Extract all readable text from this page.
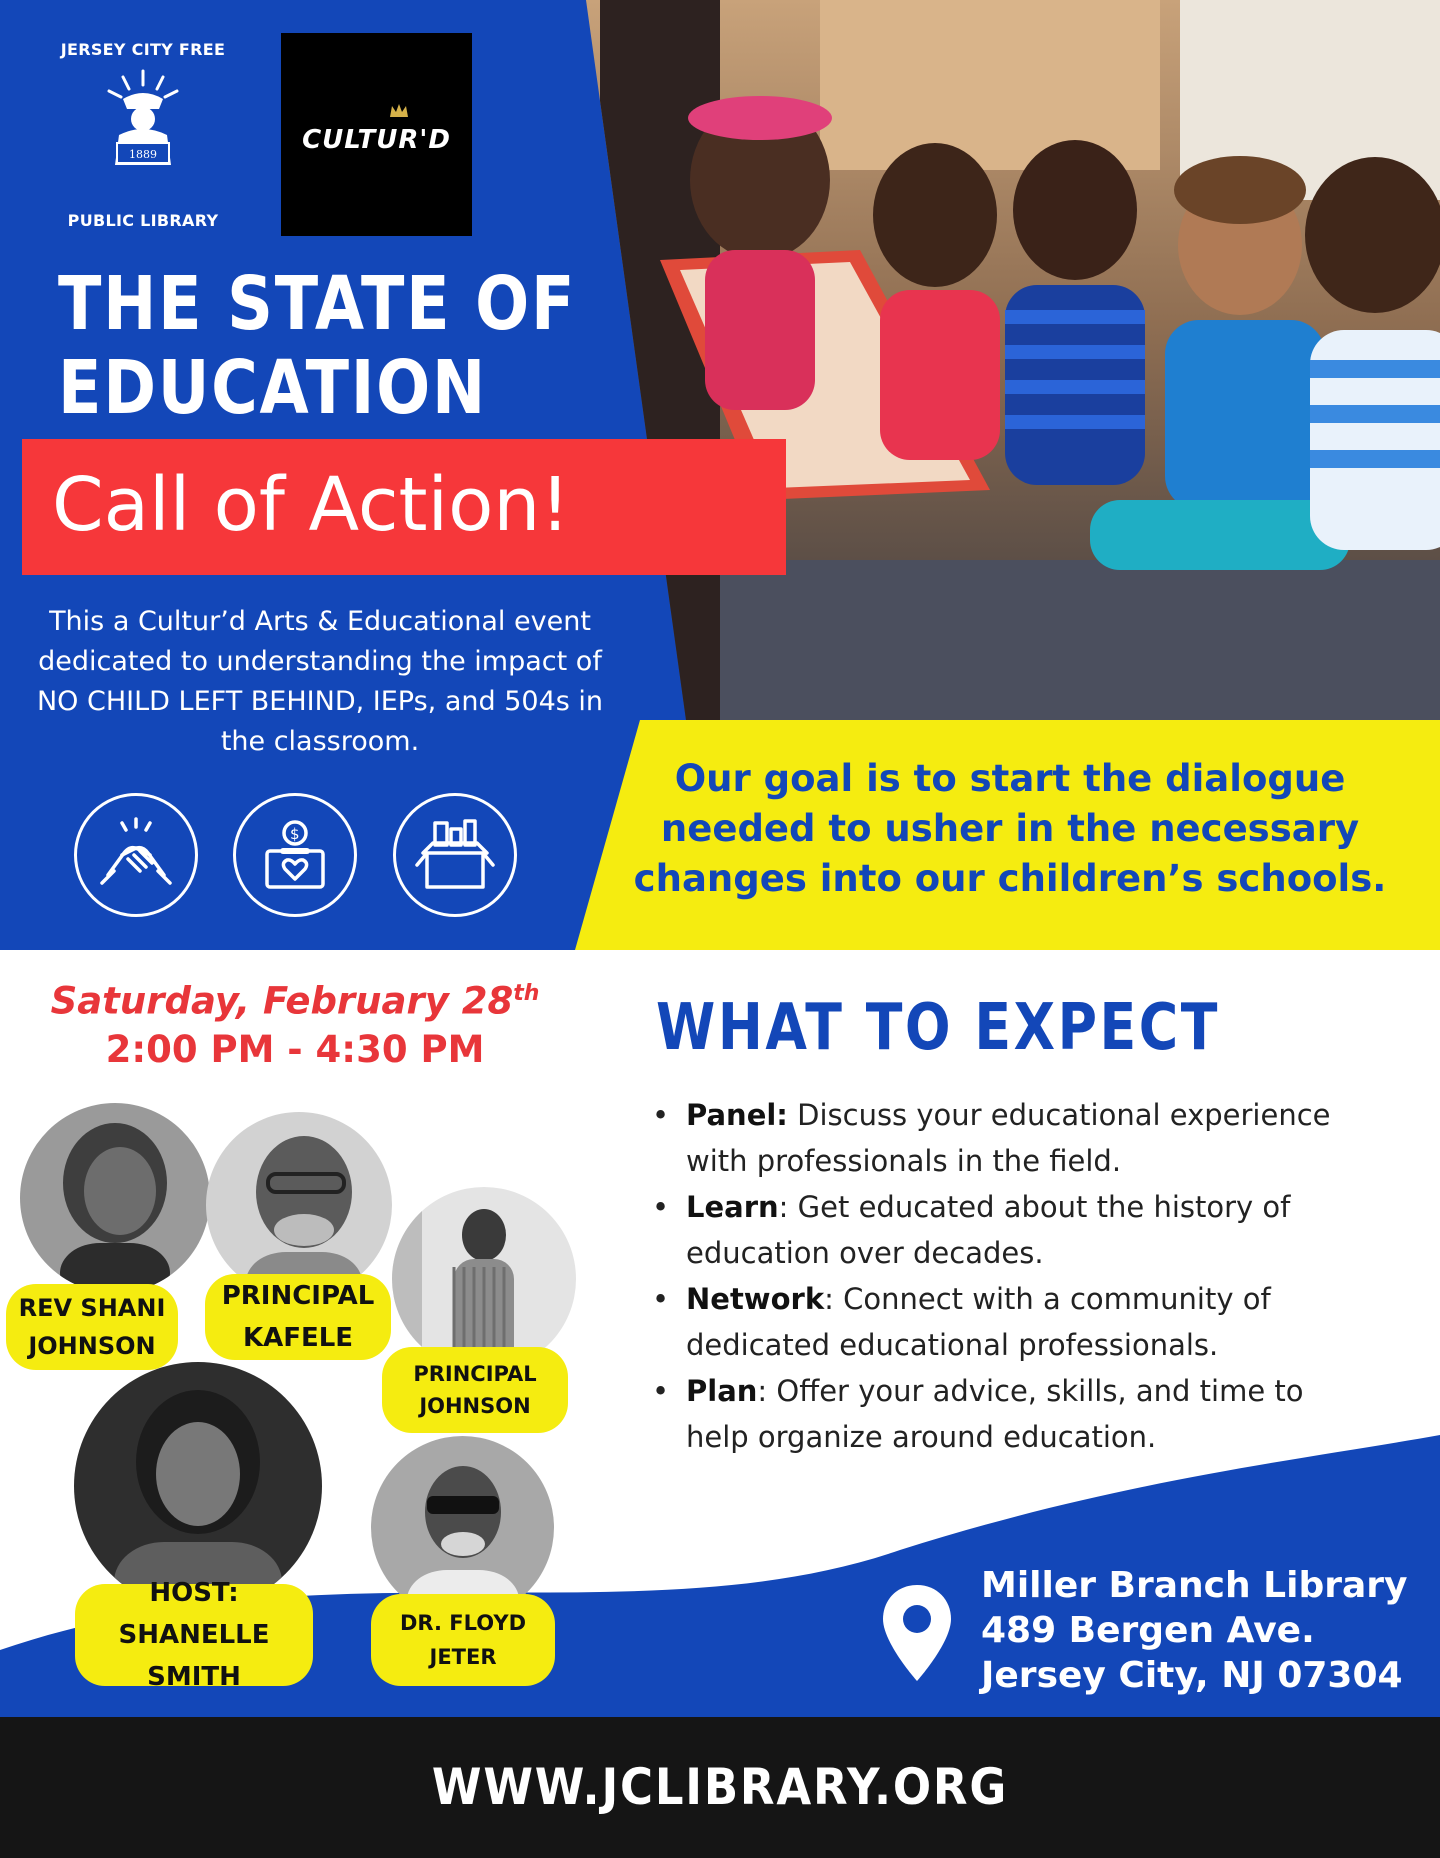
JERSEY CITY FREE
1889
PUBLIC LIBRARY
CULTUR'D
THE STATE OF
EDUCATION
Call of Action!
This a Cultur’d Arts & Educational event dedicated to understanding the impact of NO CHILD LEFT BEHIND, IEPs, and 504s in the classroom.
$
Our goal is to start the dialogue needed to usher in the necessary changes into our children’s schools.
Saturday, February 28th
2:00 PM - 4:30 PM	WHAT TO EXPECT
• Panel: Discuss your educational experience with professionals in the field.
• Learn: Get educated about the history of education over decades.
• Network: Connect with a community of dedicated educational professionals.
• Plan: Offer your advice, skills, and time to help organize around education.
REV SHANI
JOHNSON
PRINCIPAL
KAFELE
PRINCIPAL
JOHNSON
HOST: SHANELLE
SMITH
DR. FLOYD
JETER
Miller Branch Library
489 Bergen Ave.
Jersey City, NJ 07304
WWW.JCLIBRARY.ORG
